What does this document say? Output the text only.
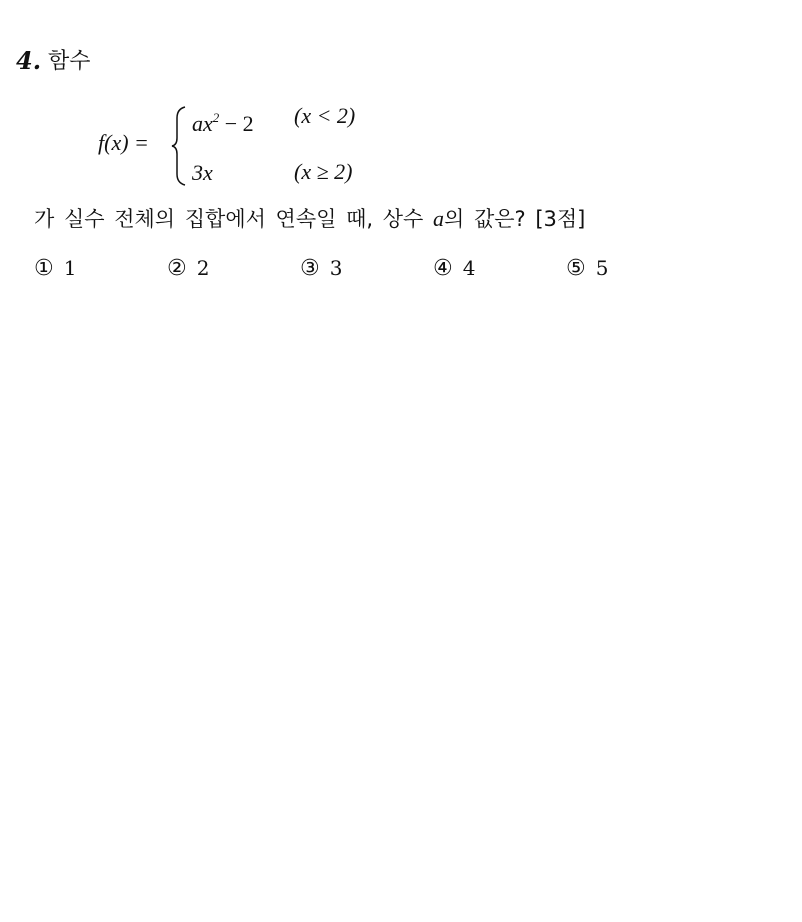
4. 함수
f(x) =
$ax^2 - 2$ (x < 2)
3x	(x ≥ 2)
가 실수 전체의 집합에서 연속일 때, 상수 a의 값은? [3점]
① 1	② 2	③ 3	④ 4	⑤ 5
